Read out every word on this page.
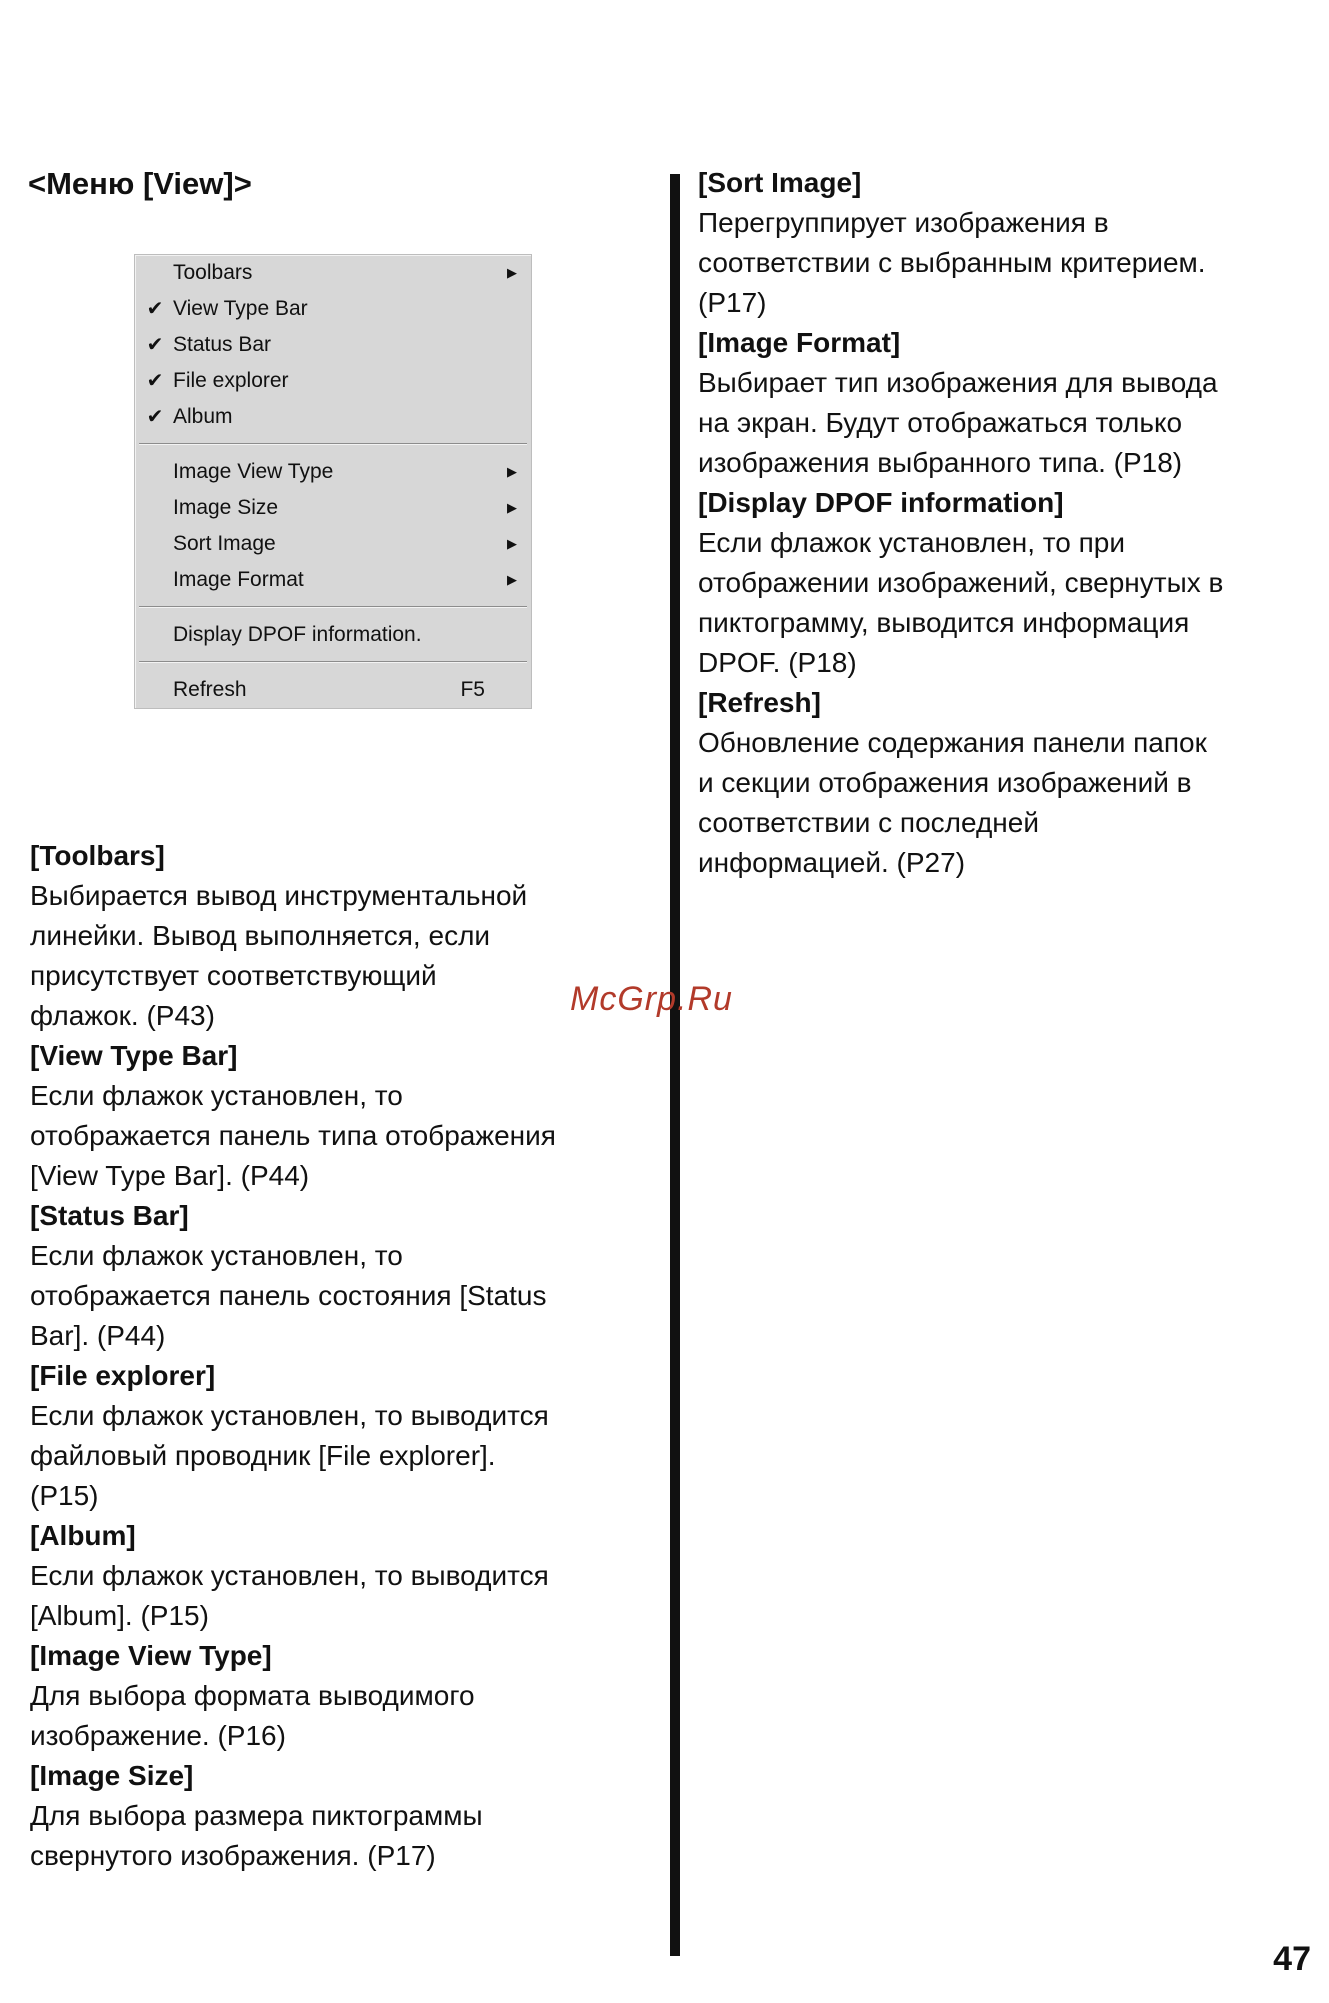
<Меню [View]>
Toolbars	▶
✔ View Type Bar
✔ Status Bar
✔ File explorer
✔ Album
Image View Type	▶
Image Size	▶
Sort Image	▶
Image Format	▶
Display DPOF information.
Refresh	F5

[Toolbars]

Выбирается вывод инструментальной

линейки. Вывод выполняется, если

присутствует соответствующий

флажок. (P43)

[View Type Bar]

Если флажок установлен, то

отображается панель типа отображения

[View Type Bar]. (P44)

[Status Bar]

Если флажок установлен, то

отображается панель состояния [Status

Bar]. (P44)

[File explorer]

Если флажок установлен, то выводится

файловый проводник [File explorer].

(P15)

[Album]

Если флажок установлен, то выводится

[Album]. (P15)

[Image View Type]

Для выбора формата выводимого

изображение. (P16)

[Image Size]

Для выбора размера пиктограммы

свернутого изображения. (P17)

[Sort Image]

Перегруппирует изображения в

соответствии с выбранным критерием.

(P17)

[Image Format]

Выбирает тип изображения для вывода

на экран. Будут отображаться только

изображения выбранного типа. (P18)

[Display DPOF information]

Если флажок установлен, то при

отображении изображений, свернутых в

пиктограмму, выводится информация

DPOF. (P18)

[Refresh]

Обновление содержания панели папок

и секции отображения изображений в

соответствии с последней

информацией. (P27)

McGrp.Ru
47
